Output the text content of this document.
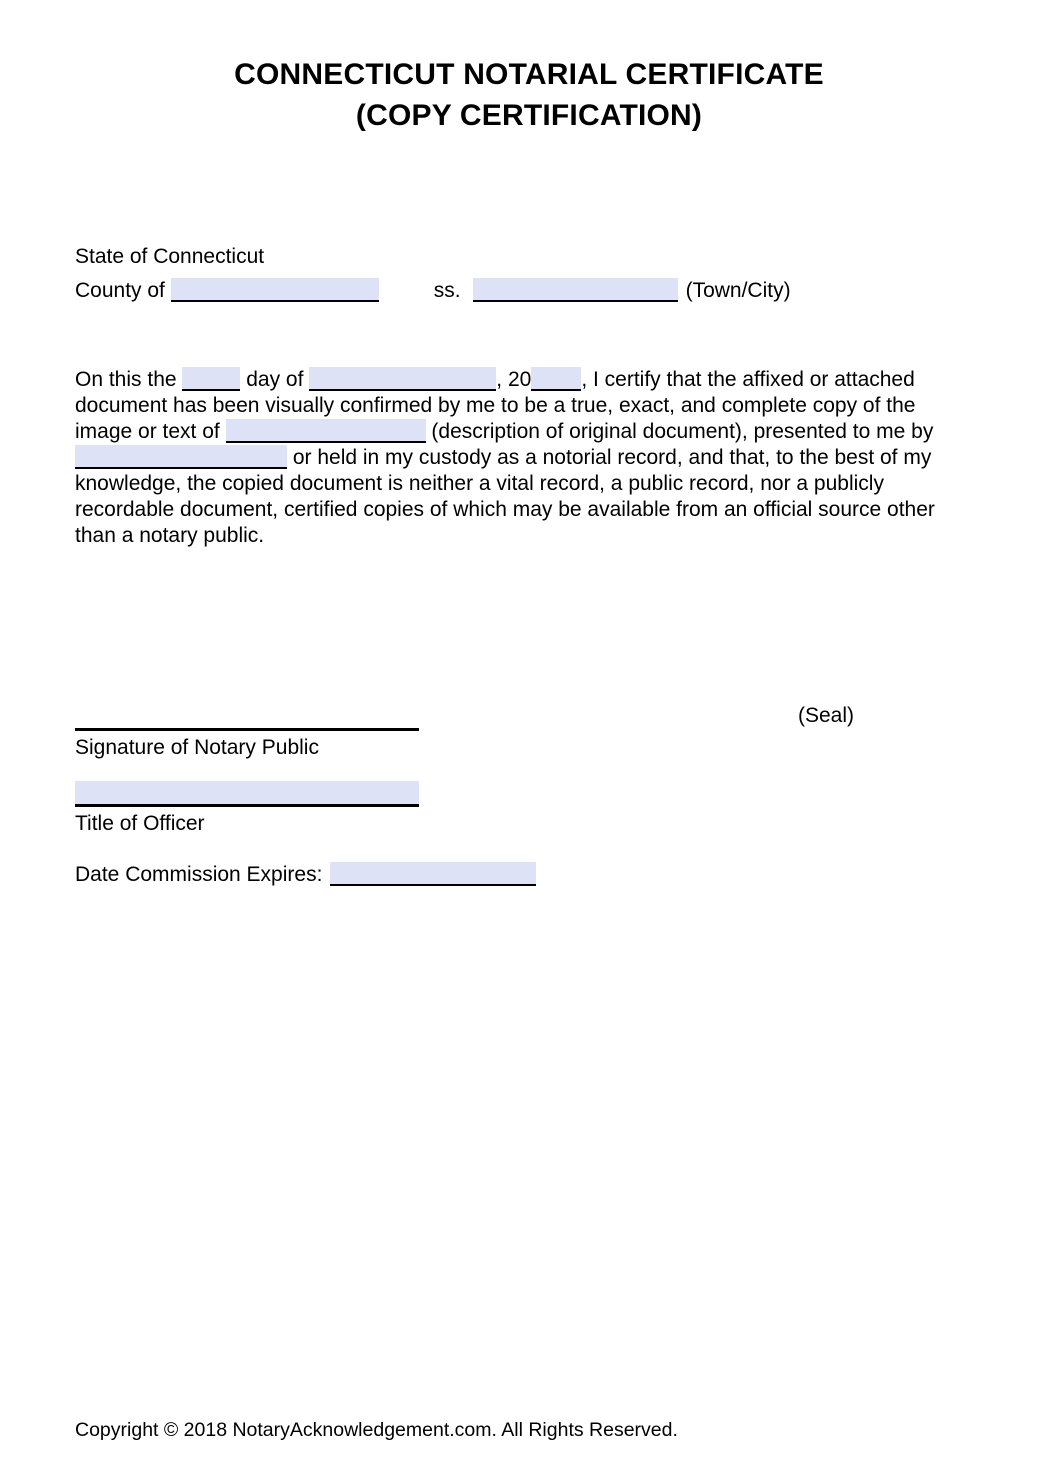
CONNECTICUT NOTARIAL CERTIFICATE
(COPY CERTIFICATION)
State of Connecticut
County of	ss.	(Town/City)
On this the	day of	, 20 , I certify that the affixed or attached
document has been visually confirmed by me to be a true, exact, and complete copy of the
image or text of	(description of original document), presented to me by
or held in my custody as a notorial record, and that, to the best of my
knowledge, the copied document is neither a vital record, a public record, nor a publicly
recordable document, certified copies of which may be available from an official source other
than a notary public.
(Seal)
Signature of Notary Public
Title of Officer
Date Commission Expires:
Copyright © 2018 NotaryAcknowledgement.com. All Rights Reserved.
